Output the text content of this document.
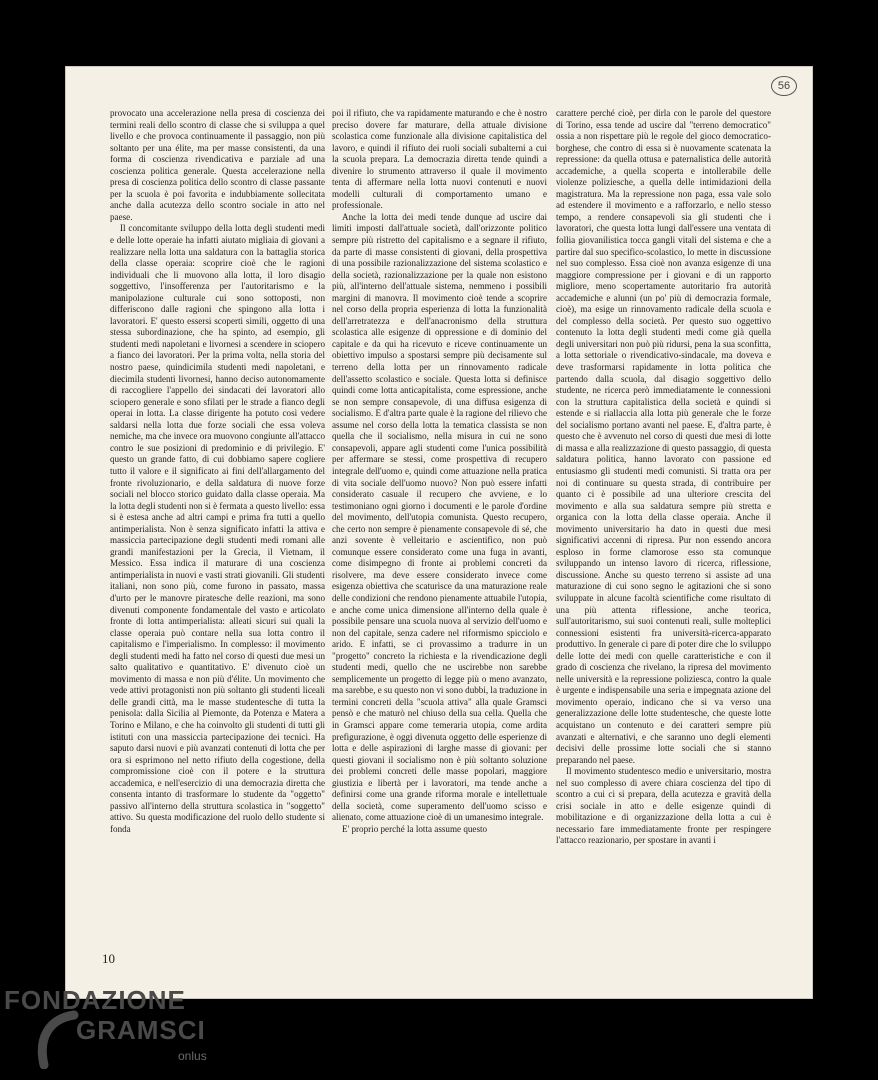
56

provocato una accelerazione nella presa di coscienza dei termini reali dello scontro di classe che si sviluppa a quel livello e che provoca continuamente il passaggio, non più soltanto per una élite, ma per masse consistenti, da una forma di coscienza rivendicativa e parziale ad una coscienza politica generale. Questa accelerazione nella presa di coscienza politica dello scontro di classe passante per la scuola è poi favorita e indubbiamente sollecitata anche dalla acutezza dello scontro sociale in atto nel paese.

Il concomitante sviluppo della lotta degli studenti medi e delle lotte operaie ha infatti aiutato migliaia di giovani a realizzare nella lotta una saldatura con la battaglia storica della classe operaia: scoprire cioè che le ragioni individuali che li muovono alla lotta, il loro disagio soggettivo, l'insofferenza per l'autoritarismo e la manipolazione culturale cui sono sottoposti, non differiscono dalle ragioni che spingono alla lotta i lavoratori. E' questo essersi scoperti simili, oggetto di una stessa subordinazione, che ha spinto, ad esempio, gli studenti medi napoletani e livornesi a scendere in sciopero a fianco dei lavoratori. Per la prima volta, nella storia del nostro paese, quindicimila studenti medi napoletani, e diecimila studenti livornesi, hanno deciso autonomamente di raccogliere l'appello dei sindacati dei lavoratori allo sciopero generale e sono sfilati per le strade a fianco degli operai in lotta. La classe dirigente ha potuto così vedere saldarsi nella lotta due forze sociali che essa voleva nemiche, ma che invece ora muovono congiunte all'attacco contro le sue posizioni di predominio e di privilegio. E' questo un grande fatto, di cui dobbiamo sapere cogliere tutto il valore e il significato ai fini dell'allargamento del fronte rivoluzionario, e della saldatura di nuove forze sociali nel blocco storico guidato dalla classe operaia. Ma la lotta degli studenti non si è fermata a questo livello: essa si è estesa anche ad altri campi e prima fra tutti a quello antimperialista. Non è senza significato infatti la attiva e massiccia partecipazione degli studenti medi romani alle grandi manifestazioni per la Grecia, il Vietnam, il Messico. Essa indica il maturare di una coscienza antimperialista in nuovi e vasti strati giovanili. Gli studenti italiani, non sono più, come furono in passato, massa d'urto per le manovre piratesche delle reazioni, ma sono divenuti componente fondamentale del vasto e articolato fronte di lotta antimperialista: alleati sicuri sui quali la classe operaia può contare nella sua lotta contro il capitalismo e l'imperialismo. In complesso: il movimento degli studenti medi ha fatto nel corso di questi due mesi un salto qualitativo e quantitativo. E' divenuto cioè un movimento di massa e non più d'élite. Un movimento che vede attivi protagonisti non più soltanto gli studenti liceali delle grandi città, ma le masse studentesche di tutta la penisola: dalla Sicilia al Piemonte, da Potenza e Matera a Torino e Milano, e che ha coinvolto gli studenti di tutti gli istituti con una massiccia partecipazione dei tecnici. Ha saputo darsi nuovi e più avanzati contenuti di lotta che per ora si esprimono nel netto rifiuto della cogestione, della compromissione cioè con il potere e la struttura accademica, e nell'esercizio di una democrazia diretta che consenta intanto di trasformare lo studente da "oggetto" passivo all'interno della struttura scolastica in "soggetto" attivo. Su questa modificazione del ruolo dello studente si fonda

poi il rifiuto, che va rapidamente maturando e che è nostro preciso dovere far maturare, della attuale divisione scolastica come funzionale alla divisione capitalistica del lavoro, e quindi il rifiuto dei ruoli sociali subalterni a cui la scuola prepara. La democrazia diretta tende quindi a divenire lo strumento attraverso il quale il movimento tenta di affermare nella lotta nuovi contenuti e nuovi modelli culturali di comportamento umano e professionale.

Anche la lotta dei medi tende dunque ad uscire dai limiti imposti dall'attuale società, dall'orizzonte politico sempre più ristretto del capitalismo e a segnare il rifiuto, da parte di masse consistenti di giovani, della prospettiva di una possibile razionalizzazione del sistema scolastico e della società, razionalizzazione per la quale non esistono più, all'interno dell'attuale sistema, nemmeno i possibili margini di manovra. Il movimento cioè tende a scoprire nel corso della propria esperienza di lotta la funzionalità dell'arretratezza e dell'anacronismo della struttura scolastica alle esigenze di oppressione e di dominio del capitale e da qui ha ricevuto e riceve continuamente un obiettivo impulso a spostarsi sempre più decisamente sul terreno della lotta per un rinnovamento radicale dell'assetto scolastico e sociale. Questa lotta si definisce quindi come lotta anticapitalista, come espressione, anche se non sempre consapevole, di una diffusa esigenza di socialismo. E d'altra parte quale è la ragione del rilievo che assume nel corso della lotta la tematica classista se non quella che il socialismo, nella misura in cui ne sono consapevoli, appare agli studenti come l'unica possibilità per affermare se stessi, come prospettiva di recupero integrale dell'uomo e, quindi come attuazione nella pratica di vita sociale dell'uomo nuovo? Non può essere infatti considerato casuale il recupero che avviene, e lo testimoniano ogni giorno i documenti e le parole d'ordine del movimento, dell'utopia comunista. Questo recupero, che certo non sempre è pienamente consapevole di sé, che anzi sovente è velleitario e ascientifico, non può comunque essere considerato come una fuga in avanti, come disimpegno di fronte ai problemi concreti da risolvere, ma deve essere considerato invece come esigenza obiettiva che scaturisce da una maturazione reale delle condizioni che rendono pienamente attuabile l'utopia, e anche come unica dimensione all'interno della quale è possibile pensare una scuola nuova al servizio dell'uomo e non del capitale, senza cadere nel riformismo spicciolo e arido. E infatti, se ci provassimo a tradurre in un "progetto" concreto la richiesta e la rivendicazione degli studenti medi, quello che ne uscirebbe non sarebbe semplicemente un progetto di legge più o meno avanzato, ma sarebbe, e su questo non vi sono dubbi, la traduzione in termini concreti della "scuola attiva" alla quale Gramsci pensò e che maturò nel chiuso della sua cella. Quella che in Gramsci appare come temeraria utopia, come ardita prefigurazione, è oggi divenuta oggetto delle esperienze di lotta e delle aspirazioni di larghe masse di giovani: per questi giovani il socialismo non è più soltanto soluzione dei problemi concreti delle masse popolari, maggiore giustizia e libertà per i lavoratori, ma tende anche a definirsi come una grande riforma morale e intellettuale della società, come superamento dell'uomo scisso e alienato, come attuazione cioè di un umanesimo integrale.

E' proprio perché la lotta assume questo

carattere perché cioè, per dirla con le parole del questore di Torino, essa tende ad uscire dal "terreno democratico" ossia a non rispettare più le regole del gioco democratico-borghese, che contro di essa si è nuovamente scatenata la repressione: da quella ottusa e paternalistica delle autorità accademiche, a quella scoperta e intollerabile delle violenze poliziesche, a quella delle intimidazioni della magistratura. Ma la repressione non paga, essa vale solo ad estendere il movimento e a rafforzarlo, e nello stesso tempo, a rendere consapevoli sia gli studenti che i lavoratori, che questa lotta lungi dall'essere una ventata di follia giovanilistica tocca gangli vitali del sistema e che a partire dal suo specifico-scolastico, lo mette in discussione nel suo complesso. Essa cioè non avanza esigenze di una maggiore compressione per i giovani e di un rapporto migliore, meno scopertamente autoritario fra autorità accademiche e alunni (un po' più di democrazia formale, cioè), ma esige un rinnovamento radicale della scuola e del complesso della società. Per questo suo oggettivo contenuto la lotta degli studenti medi come già quella degli universitari non può più ridursi, pena la sua sconfitta, a lotta settoriale o rivendicativo-sindacale, ma doveva e deve trasformarsi rapidamente in lotta politica che partendo dalla scuola, dal disagio soggettivo dello studente, ne ricerca però immediatamente le connessioni con la struttura capitalistica della società e quindi si estende e si riallaccia alla lotta più generale che le forze del socialismo portano avanti nel paese. E, d'altra parte, è questo che è avvenuto nel corso di questi due mesi di lotte di massa e alla realizzazione di questo passaggio, di questa saldatura politica, hanno lavorato con passione ed entusiasmo gli studenti medi comunisti. Si tratta ora per noi di continuare su questa strada, di contribuire per quanto ci è possibile ad una ulteriore crescita del movimento e alla sua saldatura sempre più stretta e organica con la lotta della classe operaia. Anche il movimento universitario ha dato in questi due mesi significativi accenni di ripresa. Pur non essendo ancora esploso in forme clamorose esso sta comunque sviluppando un intenso lavoro di ricerca, riflessione, discussione. Anche su questo terreno si assiste ad una maturazione di cui sono segno le agitazioni che si sono sviluppate in alcune facoltà scientifiche come risultato di una più attenta riflessione, anche teorica, sull'autoritarismo, sui suoi contenuti reali, sulle molteplici connessioni esistenti fra università-ricerca-apparato produttivo. In generale ci pare di poter dire che lo sviluppo delle lotte dei medi con quelle caratteristiche e con il grado di coscienza che rivelano, la ripresa del movimento nelle università e la repressione poliziesca, contro la quale è urgente e indispensabile una seria e impegnata azione del movimento operaio, indicano che si va verso una generalizzazione delle lotte studentesche, che queste lotte acquistano un contenuto e dei caratteri sempre più avanzati e alternativi, e che saranno uno degli elementi decisivi delle prossime lotte sociali che si stanno preparando nel paese.

Il movimento studentesco medio e universitario, mostra nel suo complesso di avere chiara coscienza del tipo di scontro a cui ci si prepara, della acutezza e gravità della crisi sociale in atto e delle esigenze quindi di mobilitazione e di organizzazione della lotta a cui è necessario fare immediatamente fronte per respingere l'attacco reazionario, per spostare in avanti i

10
FONDAZIONE
GRAMSCI
onlus
